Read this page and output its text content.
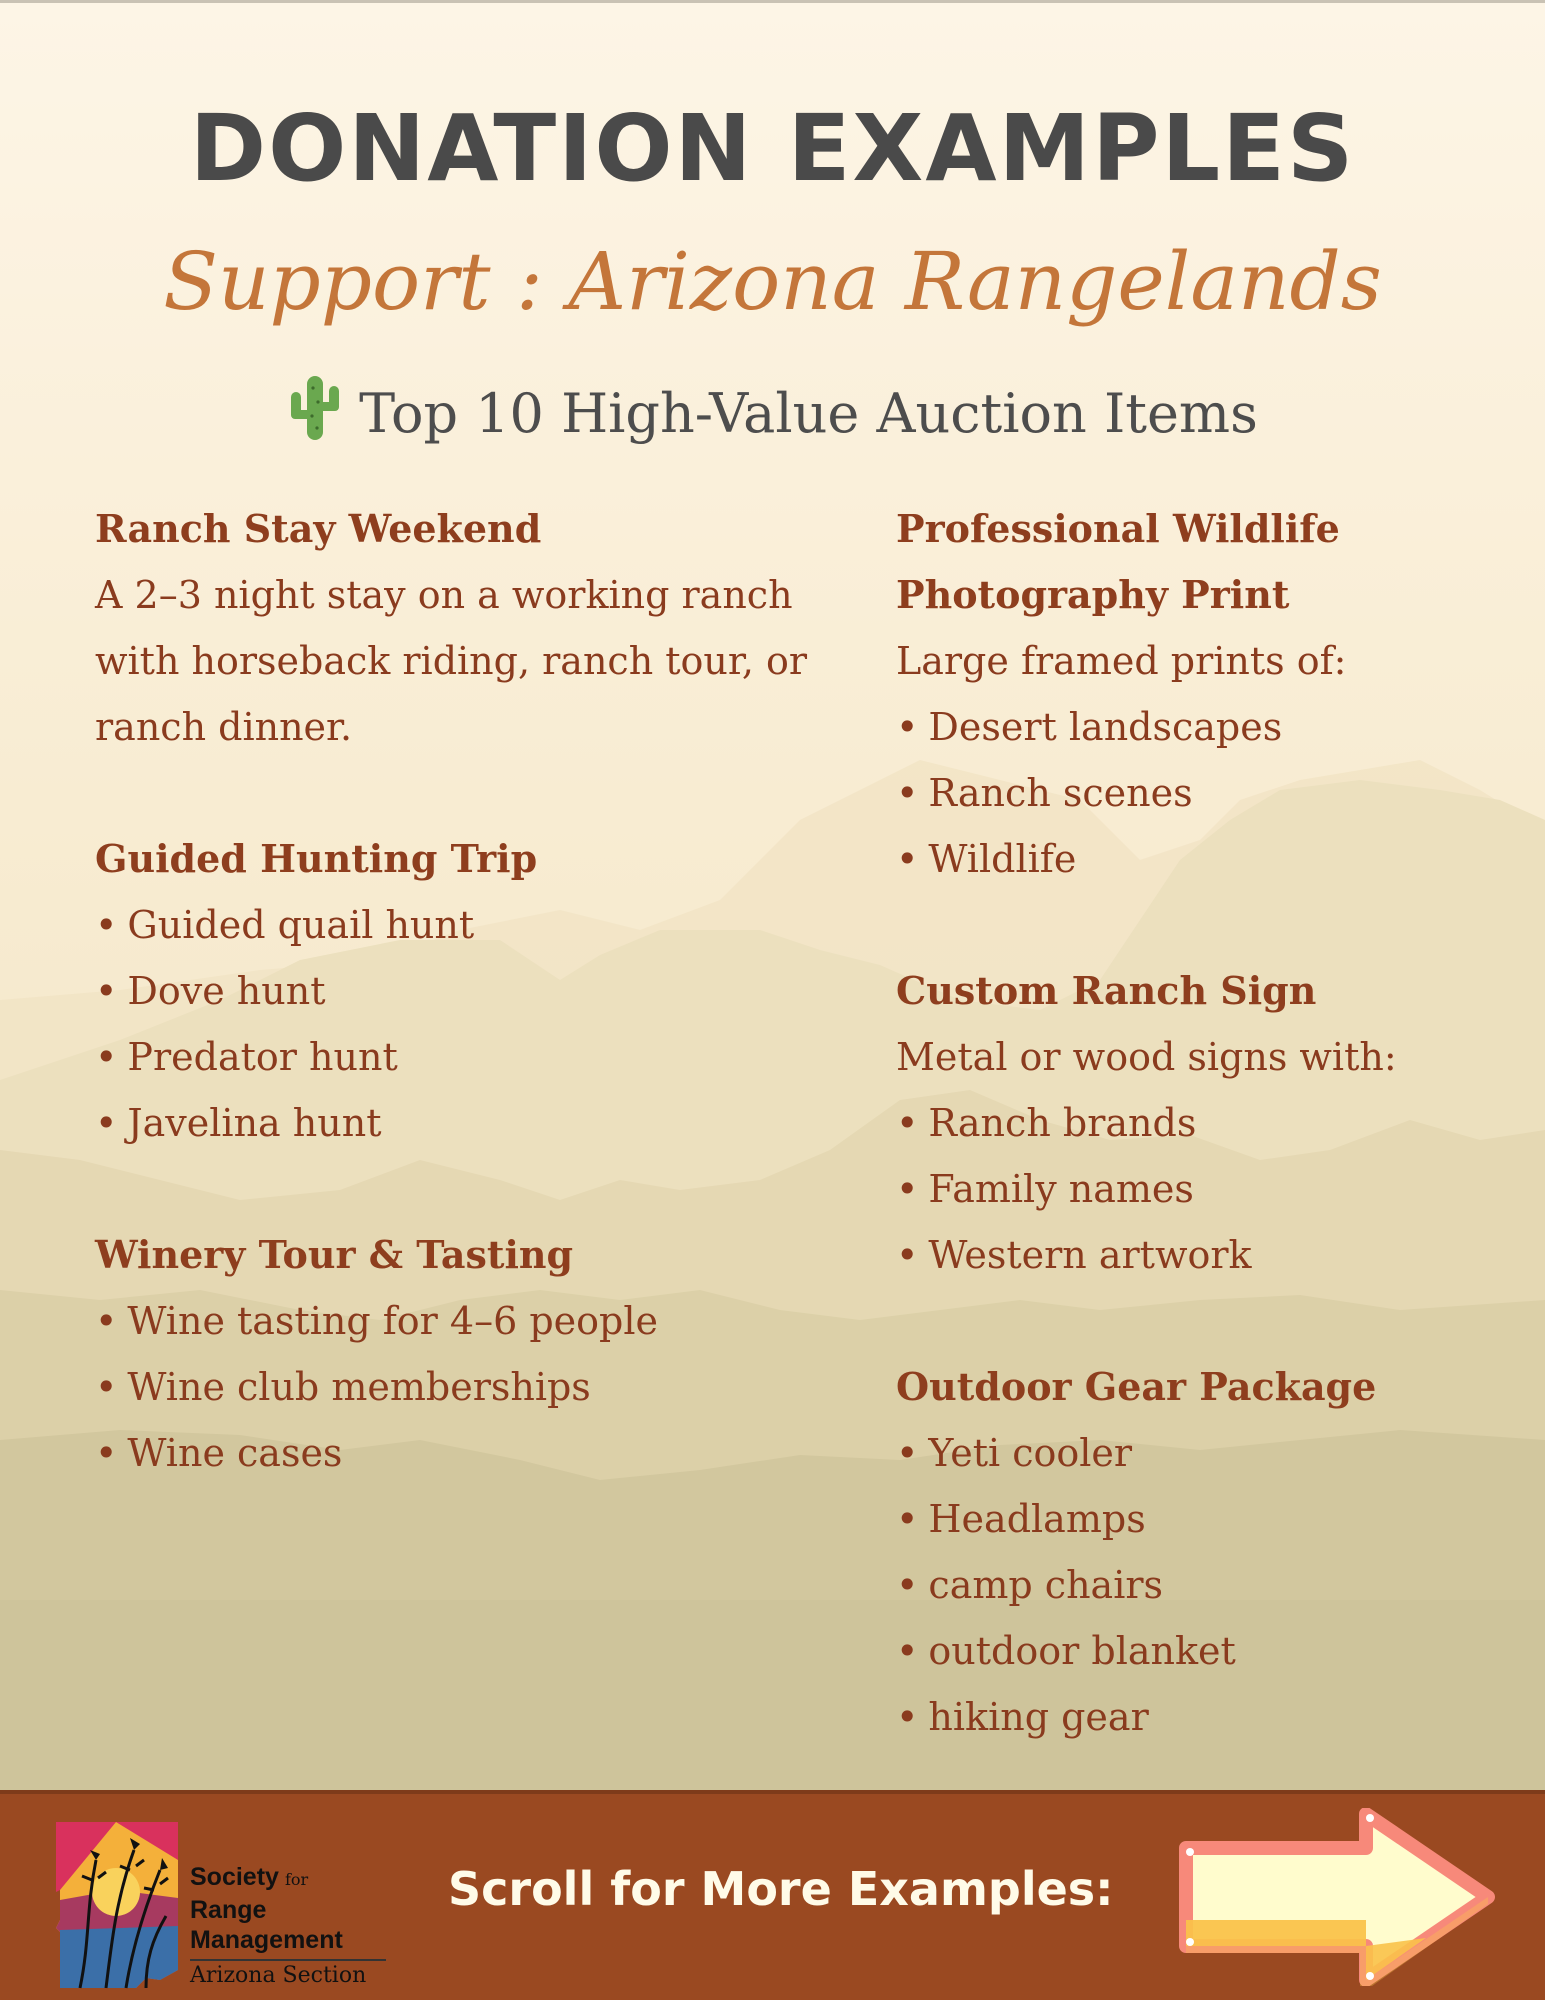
DONATION EXAMPLES
Support : Arizona Rangelands
Top 10 High-Value Auction Items
Ranch Stay Weekend
A 2–3 night stay on a working ranch with horseback riding, ranch tour, or ranch dinner.
Guided Hunting Trip
• Guided quail hunt
• Dove hunt
• Predator hunt
• Javelina hunt
Winery Tour & Tasting
• Wine tasting for 4–6 people
• Wine club memberships
• Wine cases
Professional Wildlife Photography Print
Large framed prints of:
• Desert landscapes
• Ranch scenes
• Wildlife
Custom Ranch Sign
Metal or wood signs with:
• Ranch brands
• Family names
• Western artwork
Outdoor Gear Package
• Yeti cooler
• Headlamps
• camp chairs
• outdoor blanket
• hiking gear
Society for
Range
Management
Arizona Section
Scroll for More Examples:
